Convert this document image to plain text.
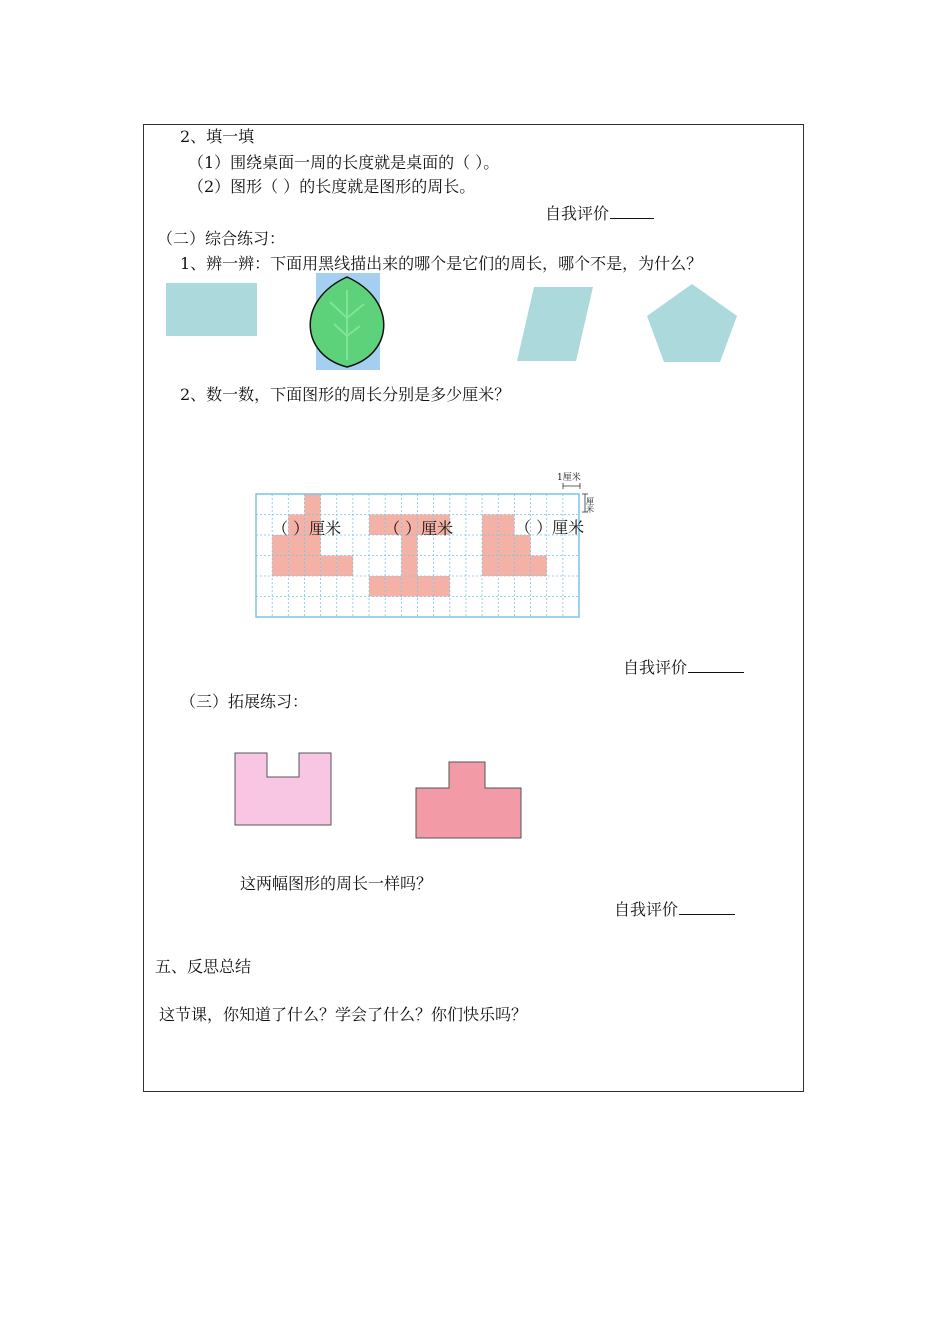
2、填一填
（1）围绕桌面一周的长度就是桌面的（ ）。
（2）图形（ ）的长度就是图形的周长。
自我评价
（二）综合练习：
1、辨一辨：下面用黑线描出来的哪个是它们的周长，哪个不是，为什么？
2、数一数，下面图形的周长分别是多少厘米？
1厘米
厘米
（ ）厘米	（ ）厘米	（ ）厘米
自我评价
（三）拓展练习：
这两幅图形的周长一样吗？
自我评价
五、反思总结
这节课，你知道了什么？学会了什么？你们快乐吗？
